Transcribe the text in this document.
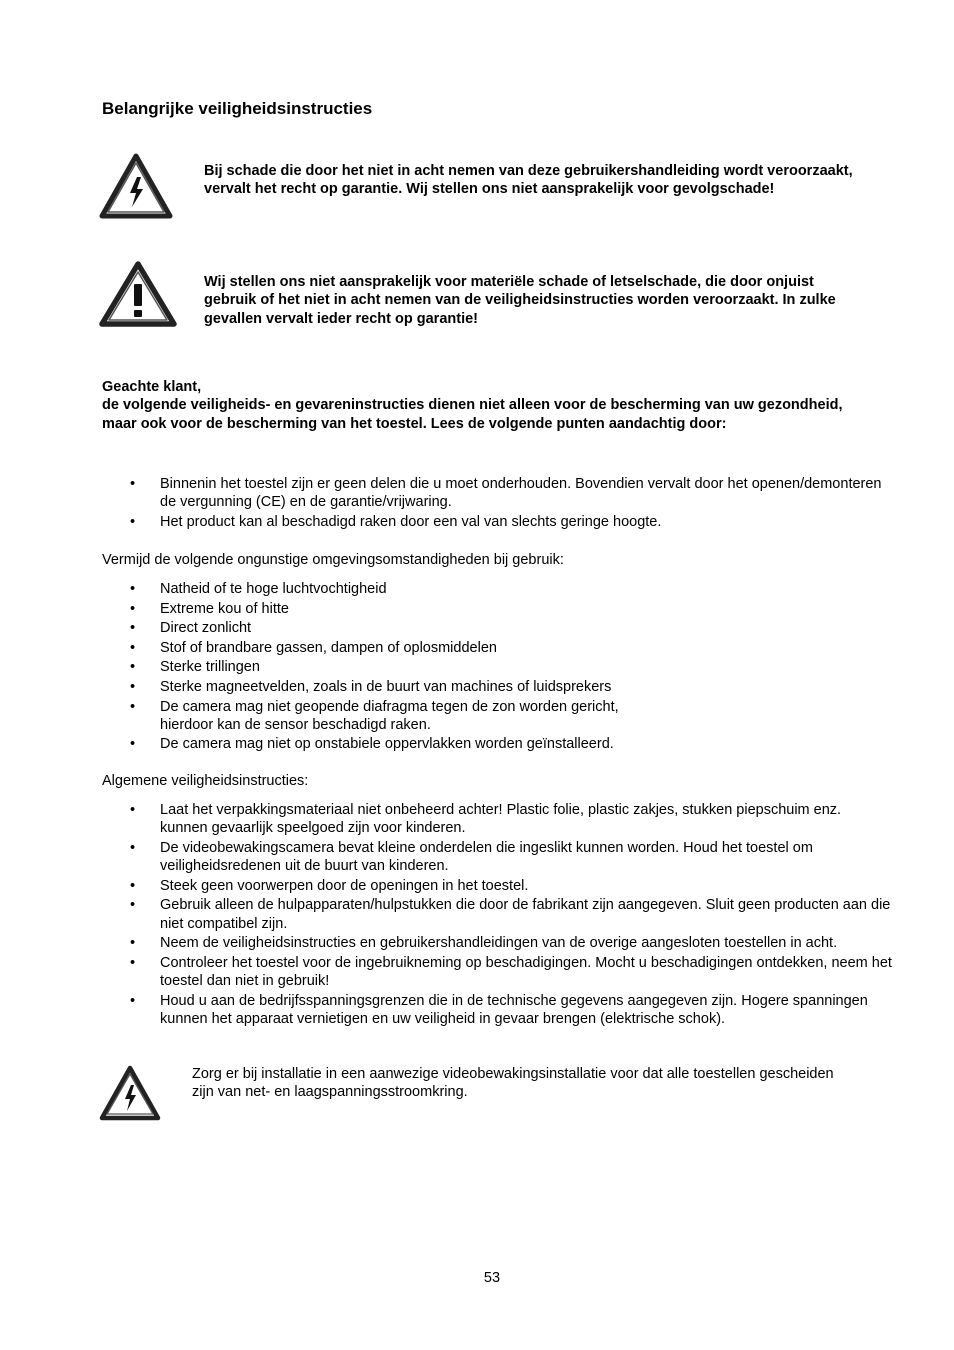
Belangrijke veiligheidsinstructies
Bij schade die door het niet in acht nemen van deze gebruikershandleiding wordt veroorzaakt, vervalt het recht op garantie. Wij stellen ons niet aansprakelijk voor gevolgschade!
Wij stellen ons niet aansprakelijk voor materiële schade of letselschade, die door onjuist gebruik of het niet in acht nemen van de veiligheidsinstructies worden veroorzaakt. In zulke gevallen vervalt ieder recht op garantie!

Geachte klant,

de volgende veiligheids- en gevareninstructies dienen niet alleen voor de bescherming van uw gezondheid, maar ook voor de bescherming van het toestel. Lees de volgende punten aandachtig door:

• Binnenin het toestel zijn er geen delen die u moet onderhouden. Bovendien vervalt door het openen/demonteren de vergunning (CE) en de garantie/vrijwaring.
• Het product kan al beschadigd raken door een val van slechts geringe hoogte.

Vermijd de volgende ongunstige omgevingsomstandigheden bij gebruik:

• Natheid of te hoge luchtvochtigheid
• Extreme kou of hitte
• Direct zonlicht
• Stof of brandbare gassen, dampen of oplosmiddelen
• Sterke trillingen
• Sterke magneetvelden, zoals in de buurt van machines of luidsprekers
• De camera mag niet geopende diafragma tegen de zon worden gericht,
hierdoor kan de sensor beschadigd raken.
• De camera mag niet op onstabiele oppervlakken worden geïnstalleerd.

Algemene veiligheidsinstructies:

• Laat het verpakkingsmateriaal niet onbeheerd achter! Plastic folie, plastic zakjes, stukken piepschuim enz. kunnen gevaarlijk speelgoed zijn voor kinderen.
• De videobewakingscamera bevat kleine onderdelen die ingeslikt kunnen worden. Houd het toestel om veiligheidsredenen uit de buurt van kinderen.
• Steek geen voorwerpen door de openingen in het toestel.
• Gebruik alleen de hulpapparaten/hulpstukken die door de fabrikant zijn aangegeven. Sluit geen producten aan die niet compatibel zijn.
• Neem de veiligheidsinstructies en gebruikershandleidingen van de overige aangesloten toestellen in acht.
• Controleer het toestel voor de ingebruikneming op beschadigingen. Mocht u beschadigingen ontdekken, neem het toestel dan niet in gebruik!
• Houd u aan de bedrijfsspanningsgrenzen die in de technische gegevens aangegeven zijn. Hogere spanningen kunnen het apparaat vernietigen en uw veiligheid in gevaar brengen (elektrische schok).
Zorg er bij installatie in een aanwezige videobewakingsinstallatie voor dat alle toestellen gescheiden zijn van net- en laagspanningsstroomkring.
53
